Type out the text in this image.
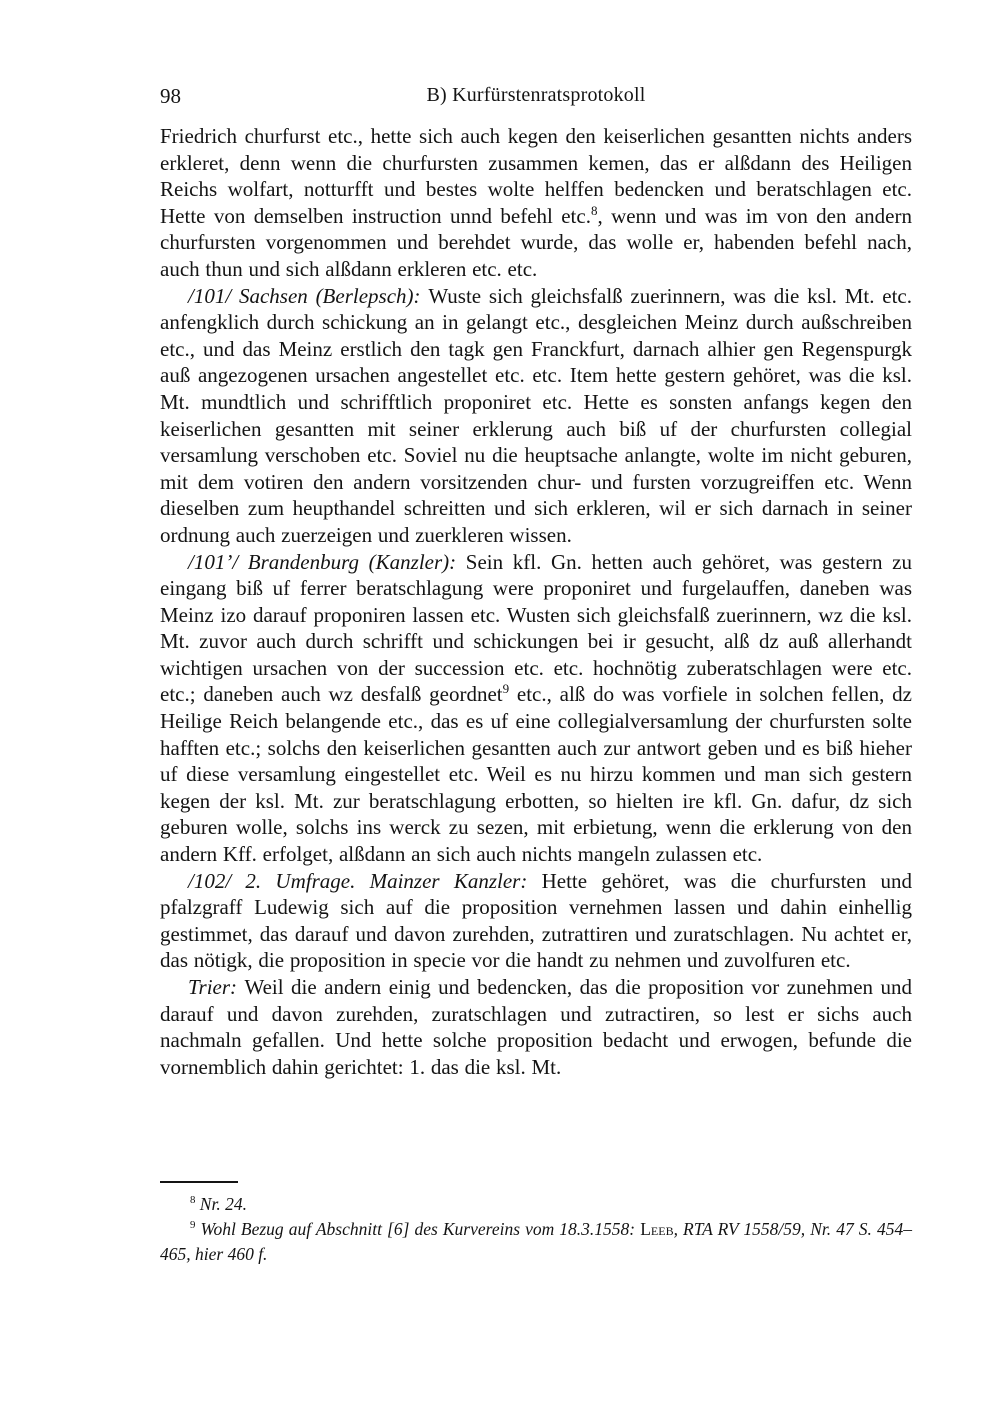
98	B) Kurfürstenratsprotokoll

Friedrich churfurst etc., hette sich auch kegen den keiserlichen gesantten nichts anders erkleret, denn wenn die churfursten zusammen kemen, das er alßdann des Heiligen Reichs wolfart, notturfft und bestes wolte helffen bedencken und beratschlagen etc. Hette von demselben instruction unnd befehl etc.$^8$, wenn und was im von den andern churfursten vorgenommen und berehdet wurde, das wolle er, habenden befehl nach, auch thun und sich alßdann erkleren etc. etc.

/101/ Sachsen (Berlepsch): Wuste sich gleichsfalß zuerinnern, was die ksl. Mt. etc. anfengklich durch schickung an in gelangt etc., desgleichen Meinz durch außschreiben etc., und das Meinz erstlich den tagk gen Franckfurt, darnach alhier gen Regenspurgk auß angezogenen ursachen angestellet etc. etc. Item hette gestern gehöret, was die ksl. Mt. mundtlich und schrifftlich proponiret etc. Hette es sonsten anfangs kegen den keiserlichen gesantten mit seiner erklerung auch biß uf der churfursten collegial versamlung verschoben etc. Soviel nu die heuptsache anlangte, wolte im nicht geburen, mit dem votiren den andern vorsitzenden chur- und fursten vorzugreiffen etc. Wenn dieselben zum heupthandel schreitten und sich erkleren, wil er sich darnach in seiner ordnung auch zuerzeigen und zuerkleren wissen.

/101’/ Brandenburg (Kanzler): Sein kfl. Gn. hetten auch gehöret, was gestern zu eingang biß uf ferrer beratschlagung were proponiret und furgelauffen, daneben was Meinz izo darauf proponiren lassen etc. Wusten sich gleichsfalß zuerinnern, wz die ksl. Mt. zuvor auch durch schrifft und schickungen bei ir gesucht, alß dz auß allerhandt wichtigen ursachen von der succession etc. etc. hochnötig zuberatschlagen were etc. etc.; daneben auch wz desfalß geordnet$^9$ etc., alß do was vorfiele in solchen fellen, dz Heilige Reich belangende etc., das es uf eine collegialversamlung der churfursten solte hafften etc.; solchs den keiserlichen gesantten auch zur antwort geben und es biß hieher uf diese versamlung eingestellet etc. Weil es nu hirzu kommen und man sich gestern kegen der ksl. Mt. zur beratschlagung erbotten, so hielten ire kfl. Gn. dafur, dz sich geburen wolle, solchs ins werck zu sezen, mit erbietung, wenn die erklerung von den andern Kff. erfolget, alßdann an sich auch nichts mangeln zulassen etc.

/102/ 2. Umfrage. Mainzer Kanzler: Hette gehöret, was die churfursten und pfalzgraff Ludewig sich auf die proposition vernehmen lassen und dahin einhellig gestimmet, das darauf und davon zurehden, zutrattiren und zuratschlagen. Nu achtet er, das nötigk, die proposition in specie vor die handt zu nehmen und zuvolfuren etc.

Trier: Weil die andern einig und bedencken, das die proposition vor zunehmen und darauf und davon zurehden, zuratschlagen und zutractiren, so lest er sichs auch nachmaln gefallen. Und hette solche proposition bedacht und erwogen, befunde die vornemblich dahin gerichtet: 1. das die ksl. Mt.

$^8$ Nr. 24.

$^9$ Wohl Bezug auf Abschnitt [6] des Kurvereins vom 18.3.1558: Leeb, RTA RV 1558/59, Nr. 47 S. 454–465, hier 460 f.
